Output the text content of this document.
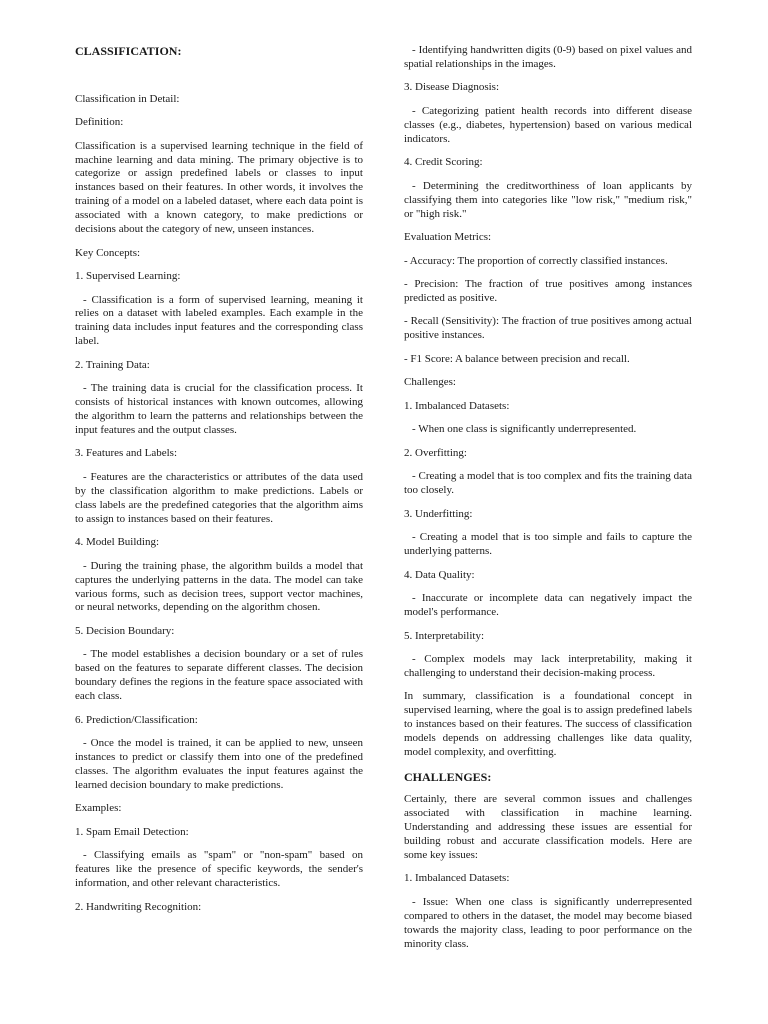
CLASSIFICATION:

Classification in Detail:

Definition:

Classification is a supervised learning technique in the field of machine learning and data mining. The primary objective is to categorize or assign predefined labels or classes to input instances based on their features. In other words, it involves the training of a model on a labeled dataset, where each data point is associated with a known category, to make predictions or decisions about the category of new, unseen instances.

Key Concepts:

1. Supervised Learning:

- Classification is a form of supervised learning, meaning it relies on a dataset with labeled examples. Each example in the training data includes input features and the corresponding class label.

2. Training Data:

- The training data is crucial for the classification process. It consists of historical instances with known outcomes, allowing the algorithm to learn the patterns and relationships between the input features and the output classes.

3. Features and Labels:

- Features are the characteristics or attributes of the data used by the classification algorithm to make predictions. Labels or class labels are the predefined categories that the algorithm aims to assign to instances based on their features.

4. Model Building:

- During the training phase, the algorithm builds a model that captures the underlying patterns in the data. The model can take various forms, such as decision trees, support vector machines, or neural networks, depending on the algorithm chosen.

5. Decision Boundary:

- The model establishes a decision boundary or a set of rules based on the features to separate different classes. The decision boundary defines the regions in the feature space associated with each class.

6. Prediction/Classification:

- Once the model is trained, it can be applied to new, unseen instances to predict or classify them into one of the predefined classes. The algorithm evaluates the input features against the learned decision boundary to make predictions.

Examples:

1. Spam Email Detection:

- Classifying emails as "spam" or "non-spam" based on features like the presence of specific keywords, the sender's information, and other relevant characteristics.

2. Handwriting Recognition:

- Identifying handwritten digits (0-9) based on pixel values and spatial relationships in the images.

3. Disease Diagnosis:

- Categorizing patient health records into different disease classes (e.g., diabetes, hypertension) based on various medical indicators.

4. Credit Scoring:

- Determining the creditworthiness of loan applicants by classifying them into categories like "low risk," "medium risk," or "high risk."

Evaluation Metrics:

- Accuracy: The proportion of correctly classified instances.

- Precision: The fraction of true positives among instances predicted as positive.

- Recall (Sensitivity): The fraction of true positives among actual positive instances.

- F1 Score: A balance between precision and recall.

Challenges:

1. Imbalanced Datasets:

- When one class is significantly underrepresented.

2. Overfitting:

- Creating a model that is too complex and fits the training data too closely.

3. Underfitting:

- Creating a model that is too simple and fails to capture the underlying patterns.

4. Data Quality:

- Inaccurate or incomplete data can negatively impact the model's performance.

5. Interpretability:

- Complex models may lack interpretability, making it challenging to understand their decision-making process.

In summary, classification is a foundational concept in supervised learning, where the goal is to assign predefined labels to instances based on their features. The success of classification models depends on addressing challenges like data quality, model complexity, and overfitting.

CHALLENGES:

Certainly, there are several common issues and challenges associated with classification in machine learning. Understanding and addressing these issues are essential for building robust and accurate classification models. Here are some key issues:

1. Imbalanced Datasets:

- Issue: When one class is significantly underrepresented compared to others in the dataset, the model may become biased towards the majority class, leading to poor performance on the minority class.
